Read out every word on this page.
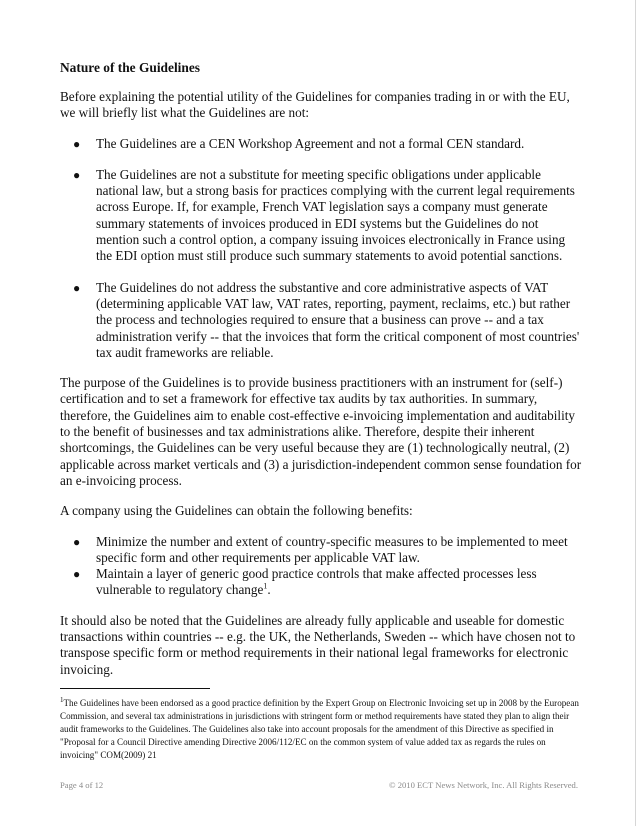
Nature of the Guidelines

Before explaining the potential utility of the Guidelines for companies trading in or with the EU, we will briefly list what the Guidelines are not:

● The Guidelines are a CEN Workshop Agreement and not a formal CEN standard.
● The Guidelines are not a substitute for meeting specific obligations under applicable national law, but a strong basis for practices complying with the current legal requirements across Europe. If, for example, French VAT legislation says a company must generate summary statements of invoices produced in EDI systems but the Guidelines do not mention such a control option, a company issuing invoices electronically in France using the EDI option must still produce such summary statements to avoid potential sanctions.
● The Guidelines do not address the substantive and core administrative aspects of VAT (determining applicable VAT law, VAT rates, reporting, payment, reclaims, etc.) but rather the process and technologies required to ensure that a business can prove -- and a tax administration verify -- that the invoices that form the critical component of most countries' tax audit frameworks are reliable.

The purpose of the Guidelines is to provide business practitioners with an instrument for (self-) certification and to set a framework for effective tax audits by tax authorities. In summary, therefore, the Guidelines aim to enable cost-effective e-invoicing implementation and auditability to the benefit of businesses and tax administrations alike. Therefore, despite their inherent shortcomings, the Guidelines can be very useful because they are (1) technologically neutral, (2) applicable across market verticals and (3) a jurisdiction-independent common sense foundation for an e-invoicing process.

A company using the Guidelines can obtain the following benefits:

● Minimize the number and extent of country-specific measures to be implemented to meet specific form and other requirements per applicable VAT law.
● Maintain a layer of generic good practice controls that make affected processes less vulnerable to regulatory change$^1$.

It should also be noted that the Guidelines are already fully applicable and useable for domestic transactions within countries -- e.g. the UK, the Netherlands, Sweden -- which have chosen not to transpose specific form or method requirements in their national legal frameworks for electronic invoicing.

$^1$The Guidelines have been endorsed as a good practice definition by the Expert Group on Electronic Invoicing set up in 2008 by the European Commission, and several tax administrations in jurisdictions with stringent form or method requirements have stated they plan to align their audit frameworks to the Guidelines. The Guidelines also take into account proposals for the amendment of this Directive as specified in "Proposal for a Council Directive amending Directive 2006/112/EC on the common system of value added tax as regards the rules on invoicing" COM(2009) 21
Page 4 of 12	© 2010 ECT News Network, Inc. All Rights Reserved.
